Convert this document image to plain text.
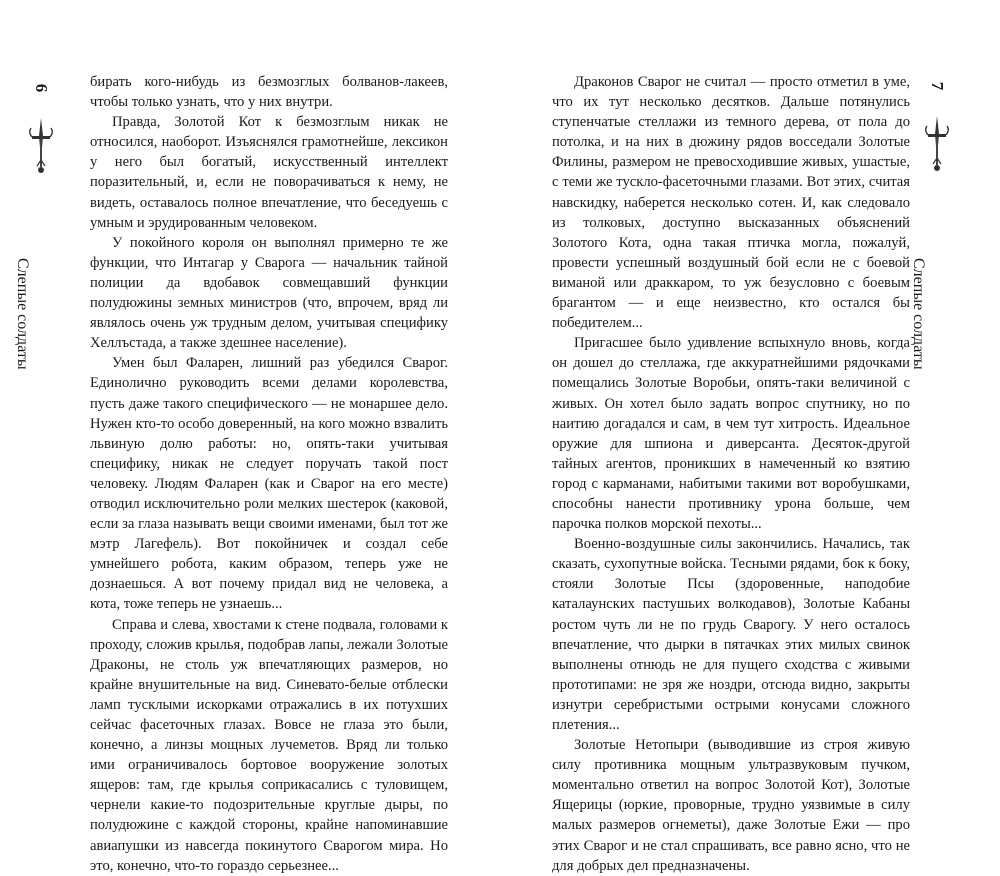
6
Слепые солдаты

бирать кого-нибудь из безмозглых болванов-лакеев, чтобы только узнать, что у них внутри.

Правда, Золотой Кот к безмозглым никак не относился, наоборот. Изъяснялся грамотнейше, лексикон у него был богатый, искусственный интеллект поразительный, и, если не поворачиваться к нему, не видеть, оставалось полное впечатление, что беседуешь с умным и эрудированным человеком.

У покойного короля он выполнял примерно те же функции, что Интагар у Сварога — начальник тайной полиции да вдобавок совмещавший функции полудюжины земных министров (что, впрочем, вряд ли являлось очень уж трудным делом, учитывая специфику Хеллъстада, а также здешнее население).

Умен был Фаларен, лишний раз убедился Сварог. Единолично руководить всеми делами королевства, пусть даже такого специфического — не монаршее дело. Нужен кто-то особо доверенный, на кого можно взвалить львиную долю работы: но, опять-таки учитывая специфику, никак не следует поручать такой пост человеку. Людям Фаларен (как и Сварог на его месте) отводил исключительно роли мелких шестерок (каковой, если за глаза называть вещи своими именами, был тот же мэтр Лагефель). Вот покойничек и создал себе умнейшего робота, каким образом, теперь уже не дознаешься. А вот почему придал вид не человека, а кота, тоже теперь не узнаешь...

Справа и слева, хвостами к стене подвала, головами к проходу, сложив крылья, подобрав лапы, лежали Золотые Драконы, не столь уж впечатляющих размеров, но крайне внушительные на вид. Синевато-белые отблески ламп тусклыми искорками отражались в их потухших сейчас фасеточных глазах. Вовсе не глаза это были, конечно, а линзы мощных лучеметов. Вряд ли только ими ограничивалось бортовое вооружение золотых ящеров: там, где крылья соприкасались с туловищем, чернели какие-то подозрительные круглые дыры, по полудюжине с каждой стороны, крайне напоминавшие авиапушки из навсегда покинутого Сварогом мира. Но это, конечно, что-то гораздо серьезнее...

Драконов Сварог не считал — просто отметил в уме, что их тут несколько десятков. Дальше потянулись ступенчатые стеллажи из темного дерева, от пола до потолка, и на них в дюжину рядов восседали Золотые Филины, размером не превосходившие живых, ушастые, с теми же тускло-фасеточными глазами. Вот этих, считая навскидку, наберется несколько сотен. И, как следовало из толковых, доступно высказанных объяснений Золотого Кота, одна такая птичка могла, пожалуй, провести успешный воздушный бой если не с боевой виманой или драккаром, то уж безусловно с боевым брагантом — и еще неизвестно, кто остался бы победителем...

Пригасшее было удивление вспыхнуло вновь, когда он дошел до стеллажа, где аккуратнейшими рядочками помещались Золотые Воробьи, опять-таки величиной с живых. Он хотел было задать вопрос спутнику, но по наитию догадался и сам, в чем тут хитрость. Идеальное оружие для шпиона и диверсанта. Десяток-другой тайных агентов, проникших в намеченный ко взятию город с карманами, набитыми такими вот воробушками, способны нанести противнику урона больше, чем парочка полков морской пехоты...

Военно-воздушные силы закончились. Начались, так сказать, сухопутные войска. Тесными рядами, бок к боку, стояли Золотые Псы (здоровенные, наподобие каталаунских пастушьих волкодавов), Золотые Кабаны ростом чуть ли не по грудь Сварогу. У него осталось впечатление, что дырки в пятачках этих милых свинок выполнены отнюдь не для пущего сходства с живыми прототипами: не зря же ноздри, отсюда видно, закрыты изнутри серебристыми острыми конусами сложного плетения...

Золотые Нетопыри (выводившие из строя живую силу противника мощным ультразвуковым пучком, моментально ответил на вопрос Золотой Кот), Золотые Ящерицы (юркие, проворные, трудно уязвимые в силу малых размеров огнеметы), даже Золотые Ежи — про этих Сварог и не стал спрашивать, все равно ясно, что не для добрых дел предназначены.

7
Слепые солдаты
